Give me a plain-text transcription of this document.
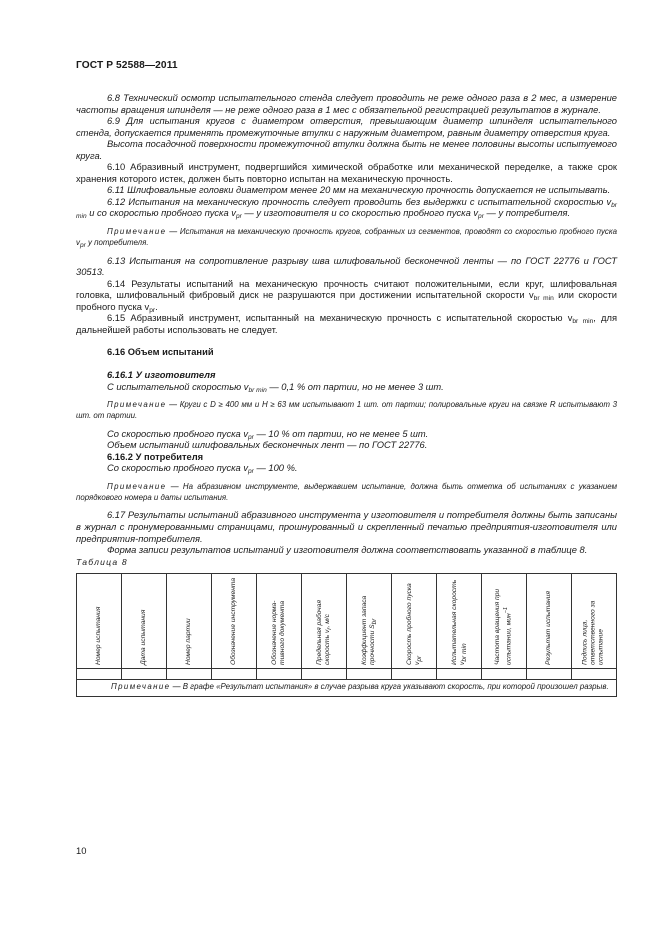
ГОСТ Р 52588—2011

6.8 Технический осмотр испытательного стенда следует проводить не реже одного раза в 2 мес, а измерение частоты вращения шпинделя — не реже одного раза в 1 мес с обязательной регистрацией результатов в журнале.

6.9 Для испытания кругов с диаметром отверстия, превышающим диаметр шпинделя испытательного стенда, допускается применять промежуточные втулки с наружным диаметром, равным диаметру отверстия круга.

Высота посадочной поверхности промежуточной втулки должна быть не менее половины высоты испытуемого круга.

6.10 Абразивный инструмент, подвергшийся химической обработке или механической переделке, а также срок хранения которого истек, должен быть повторно испытан на механическую прочность.

6.11 Шлифовальные головки диаметром менее 20 мм на механическую прочность допускается не испытывать.

6.12 Испытания на механическую прочность следует проводить без выдержки с испытательной скоростью $v_{br min}$ и со скоростью пробного пуска $v_{pr}$ — у изготовителя и со скоростью пробного пуска $v_{pr}$ — у потребителя.

Примечание — Испытания на механическую прочность кругов, собранных из сегментов, проводят со скоростью пробного пуска $v_{pr}$ у потребителя.

6.13 Испытания на сопротивление разрыву шва шлифовальной бесконечной ленты — по ГОСТ 22776 и ГОСТ 30513.

6.14 Результаты испытаний на механическую прочность считают положительными, если круг, шлифовальная головка, шлифовальный фибровый диск не разрушаются при достижении испытательной скорости $v_{br min}$ или скорости пробного пуска $v_{pr}$.

6.15 Абразивный инструмент, испытанный на механическую прочность с испытательной скоростью $v_{br min}$, для дальнейшей работы использовать не следует.

6.16 Объем испытаний

6.16.1 У изготовителя

С испытательной скоростью $v_{br min}$ — 0,1 % от партии, но не менее 3 шт.

Примечание — Круги с D ≥ 400 мм и H ≥ 63 мм испытывают 1 шт. от партии; полировальные круги на связке R испытывают 3 шт. от партии.

Со скоростью пробного пуска $v_{pr}$ — 10 % от партии, но не менее 5 шт.

Объем испытаний шлифовальных бесконечных лент — по ГОСТ 22776.

6.16.2 У потребителя

Со скоростью пробного пуска $v_{pr}$ — 100 %.

Примечание — На абразивном инструменте, выдержавшем испытание, должна быть отметка об испытаниях с указанием порядкового номера и даты испытания.

6.17 Результаты испытаний абразивного инструмента у изготовителя и потребителя должны быть записаны в журнал с пронумерованными страницами, прошнурованный и скрепленный печатью предприятия-изготовителя или предприятия-потребителя.

Форма записи результатов испытаний у изготовителя должна соответствовать указанной в таблице 8.

Таблица 8

Номер испытания	Дата испытания	Номер партии	Обозначение инструмента	Обозначение нормативного документа	Предельная рабочая скорость $v_r$, м/с	Коэффициент запаса прочности $S_{br}$	Скорость пробного пуска $v_{pr}$	Испытательная скорость $v_{br min}$	Частота вращения при испытании, мин$^{-1}$	Результат испытания	Подпись лица, ответственного за испытание

Примечание — В графе «Результат испытания» в случае разрыва круга указывают скорость, при которой произошел разрыв.											
10
